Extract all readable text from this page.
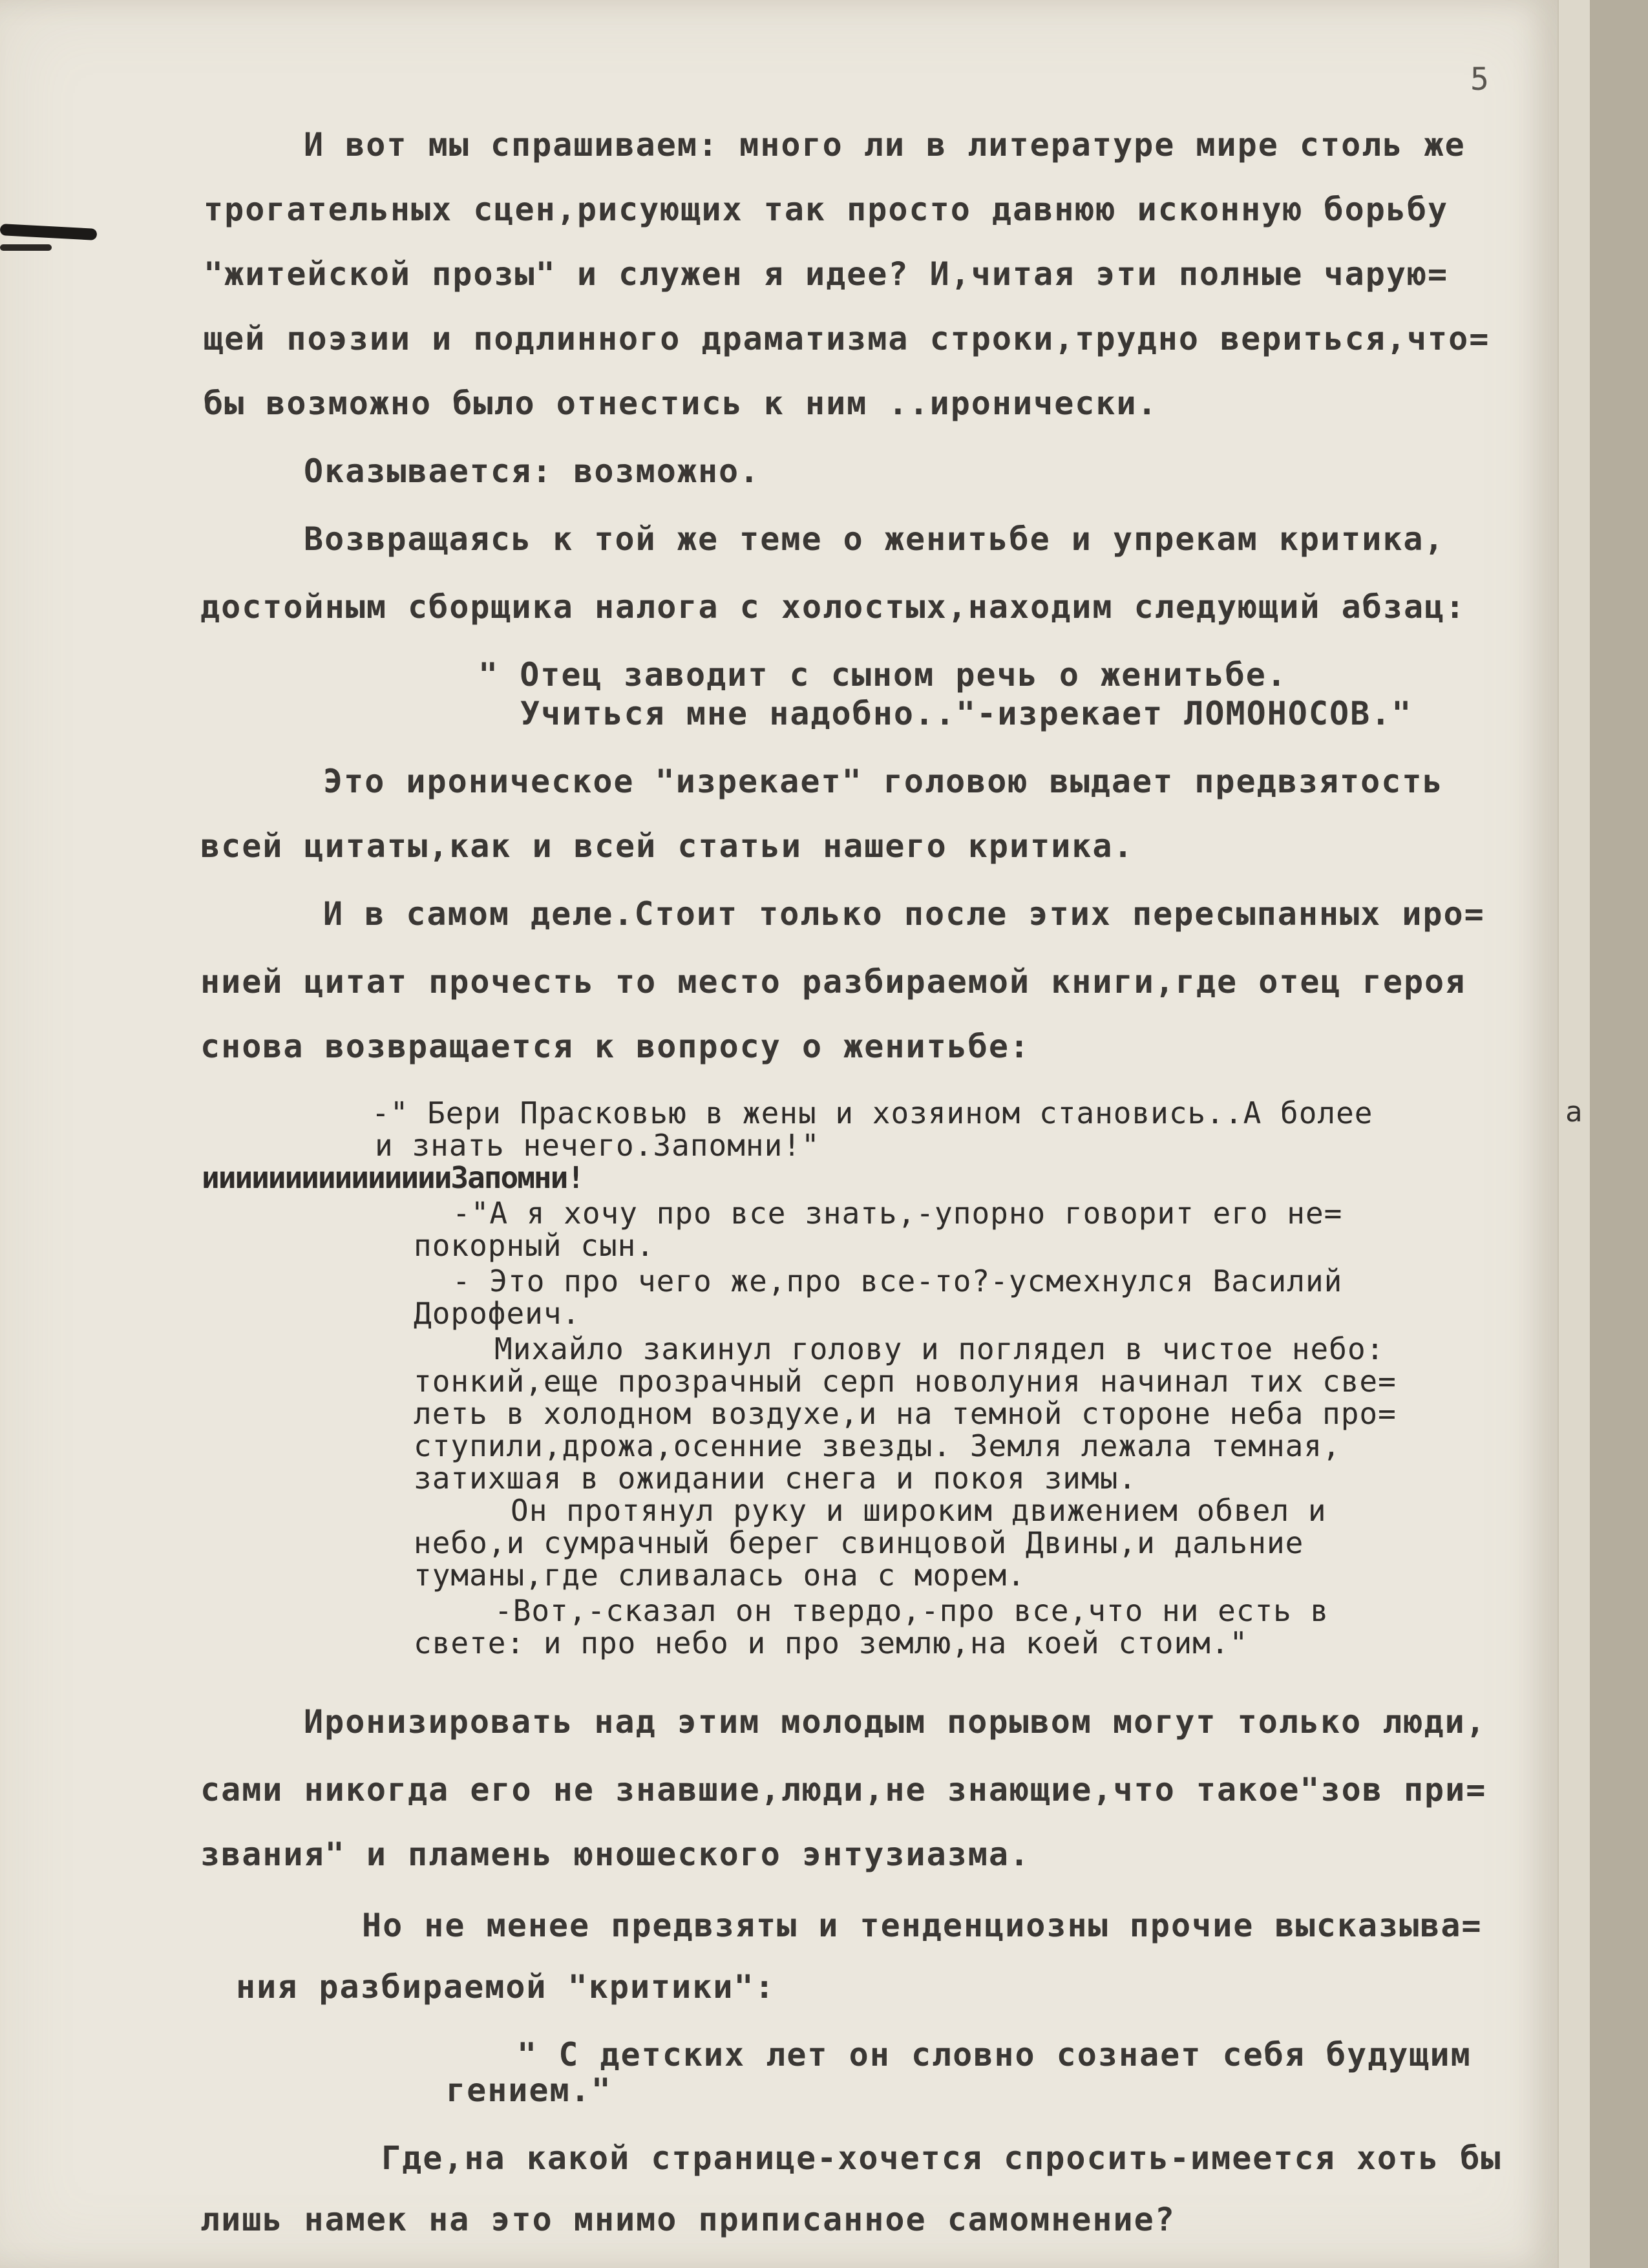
5
И вот мы спрашиваем: много ли в литературе мире столь же
трогательных сцен,рисующих так просто давнюю исконную борьбу
"житейской прозы" и служен я идее? И,читая эти полные чарую=
щей поэзии и подлинного драматизма строки,трудно вериться,что=
бы возможно было отнестись к ним ..иронически.
Оказывается: возможно.
Возвращаясь к той же теме о женитьбе и упрекам критика,
достойным сборщика налога с холостых,находим следующий абзац:
" Отец заводит с сыном речь о женитьбе.
Учиться мне надобно.."-изрекает ЛОМОНОСОВ."
Это ироническое "изрекает" головою выдает предвзятость
всей цитаты,как и всей статьи нашего критика.
И в самом деле.Стоит только после этих пересыпанных иро=
нией цитат прочесть то место разбираемой книги,где отец героя
снова возвращается к вопросу о женитьбе:
-" Бери Прасковью в жены и хозяином становись..А более
и знать нечего.Запомни!"
иииииииииииииииЗапомни!
-"А я хочу про все знать,-упорно говорит его не=
покорный сын.
- Это про чего же,про все-то?-усмехнулся Василий
Дорофеич.
Михайло закинул голову и поглядел в чистое небо:
тонкий,еще прозрачный серп новолуния начинал тих све=
леть в холодном воздухе,и на темной стороне неба про=
ступили,дрожа,осенние звезды. Земля лежала темная,
затихшая в ожидании снега и покоя зимы.
Он протянул руку и широким движением обвел и
небо,и сумрачный берег свинцовой Двины,и дальние
туманы,где сливалась она с морем.
-Вот,-сказал он твердо,-про все,что ни есть в
свете: и про небо и про землю,на коей стоим."
Иронизировать над этим молодым порывом могут только люди,
сами никогда его не знавшие,люди,не знающие,что такое"зов при=
звания" и пламень юношеского энтузиазма.
Но не менее предвзяты и тенденциозны прочие высказыва=
ния разбираемой "критики":
" С детских лет он словно сознает себя будущим
гением."
Где,на какой странице-хочется спросить-имеется хоть бы
лишь намек на это мнимо приписанное самомнение?
а
